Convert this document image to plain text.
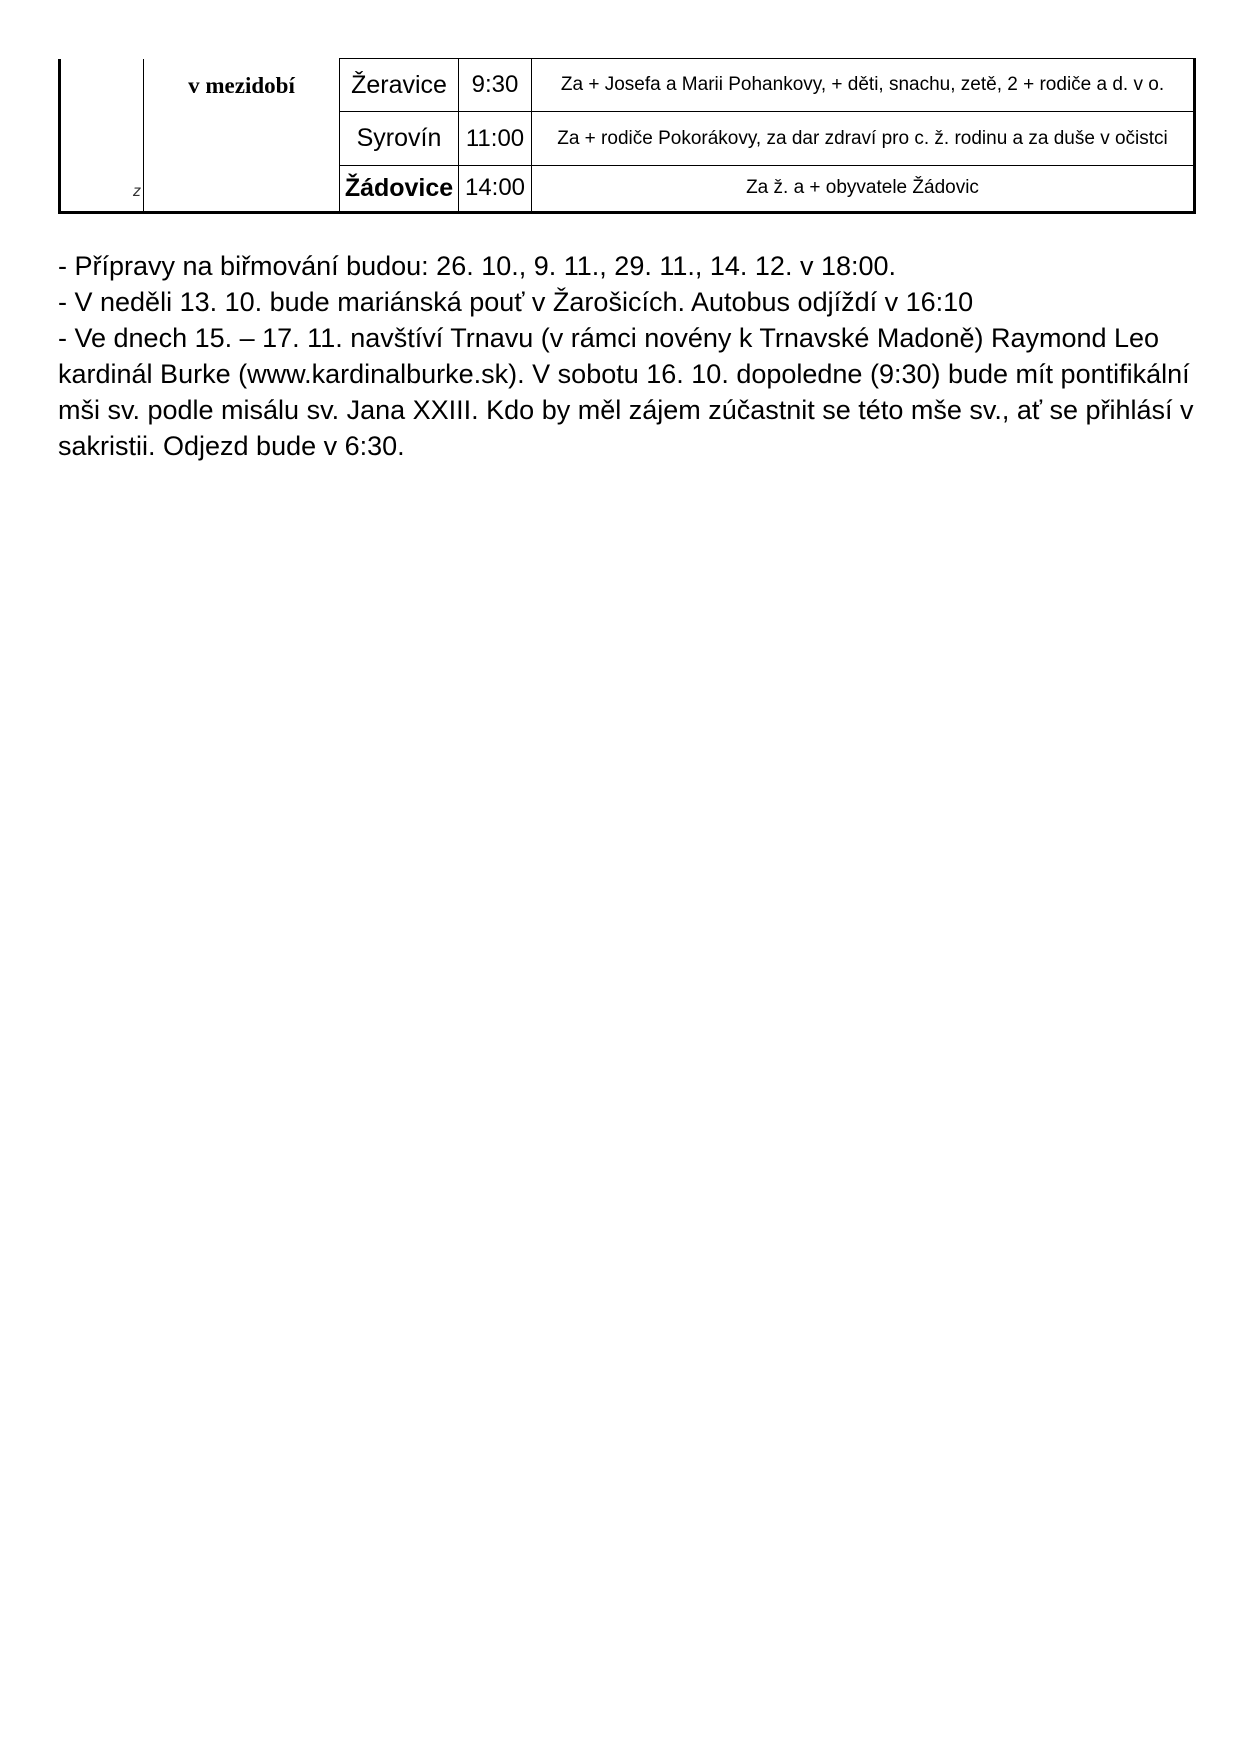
z	v mezidobí	Žeravice	9:30	Za + Josefa a Marii Pohankovy, + děti, snachu, zetě, 2 + rodiče a d. v o.
		Syrovín	11:00	Za + rodiče Pokorákovy, za dar zdraví pro c. ž. rodinu a za duše v očistci
		Žádovice	14:00	Za ž. a + obyvatele Žádovic
- Přípravy na biřmování budou: 26. 10., 9. 11., 29. 11., 14. 12. v 18:00.
- V neděli 13. 10. bude mariánská pouť v Žarošicích. Autobus odjíždí v 16:10
- Ve dnech 15. – 17. 11. navštíví Trnavu (v rámci novény k Trnavské Madoně) Raymond Leo kardinál Burke (www.kardinalburke.sk). V sobotu 16. 10. dopoledne (9:30) bude mít pontifikální mši sv. podle misálu sv. Jana XXIII. Kdo by měl zájem zúčastnit se této mše sv., ať se přihlásí v sakristii. Odjezd bude v 6:30.
